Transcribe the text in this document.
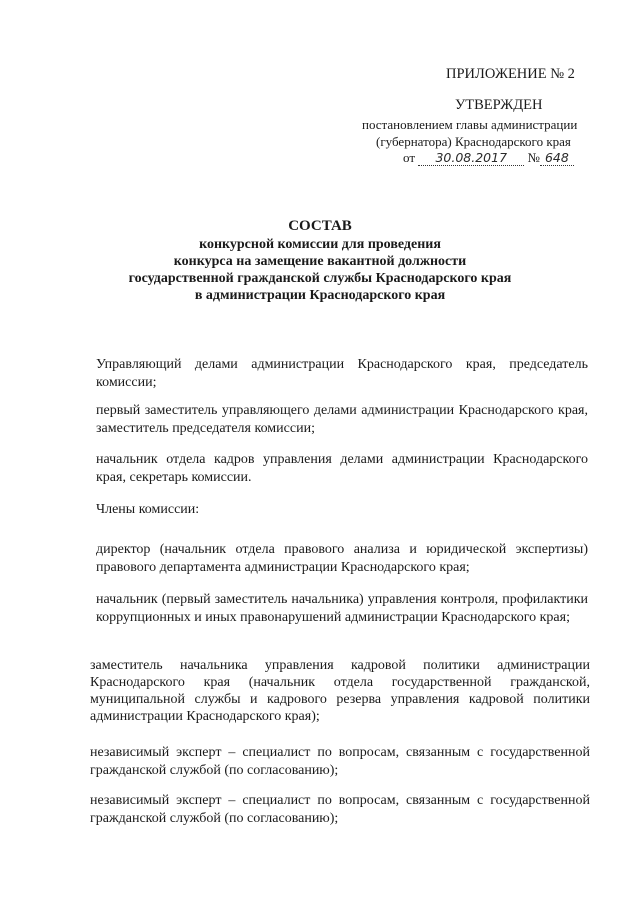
ПРИЛОЖЕНИЕ № 2
УТВЕРЖДЕН
постановлением главы администрации
(губернатора) Краснодарского края
от 30.08.2017 № 648
СОСТАВ
конкурсной комиссии для проведения
конкурса на замещение вакантной должности
государственной гражданской службы Краснодарского края
в администрации Краснодарского края
Управляющий делами администрации Краснодарского края, председатель комиссии;
первый заместитель управляющего делами администрации Краснодарского края, заместитель председателя комиссии;
начальник отдела кадров управления делами администрации Краснодарского края, секретарь комиссии.
Члены комиссии:
директор (начальник отдела правового анализа и юридической экспертизы) правового департамента администрации Краснодарского края;
начальник (первый заместитель начальника) управления контроля, профилактики коррупционных и иных правонарушений администрации Краснодарского края;
заместитель начальника управления кадровой политики администрации Краснодарского края (начальник отдела государственной гражданской, муниципальной службы и кадрового резерва управления кадровой политики администрации Краснодарского края);
независимый эксперт – специалист по вопросам, связанным с государственной гражданской службой (по согласованию);
независимый эксперт – специалист по вопросам, связанным с государственной гражданской службой (по согласованию);
